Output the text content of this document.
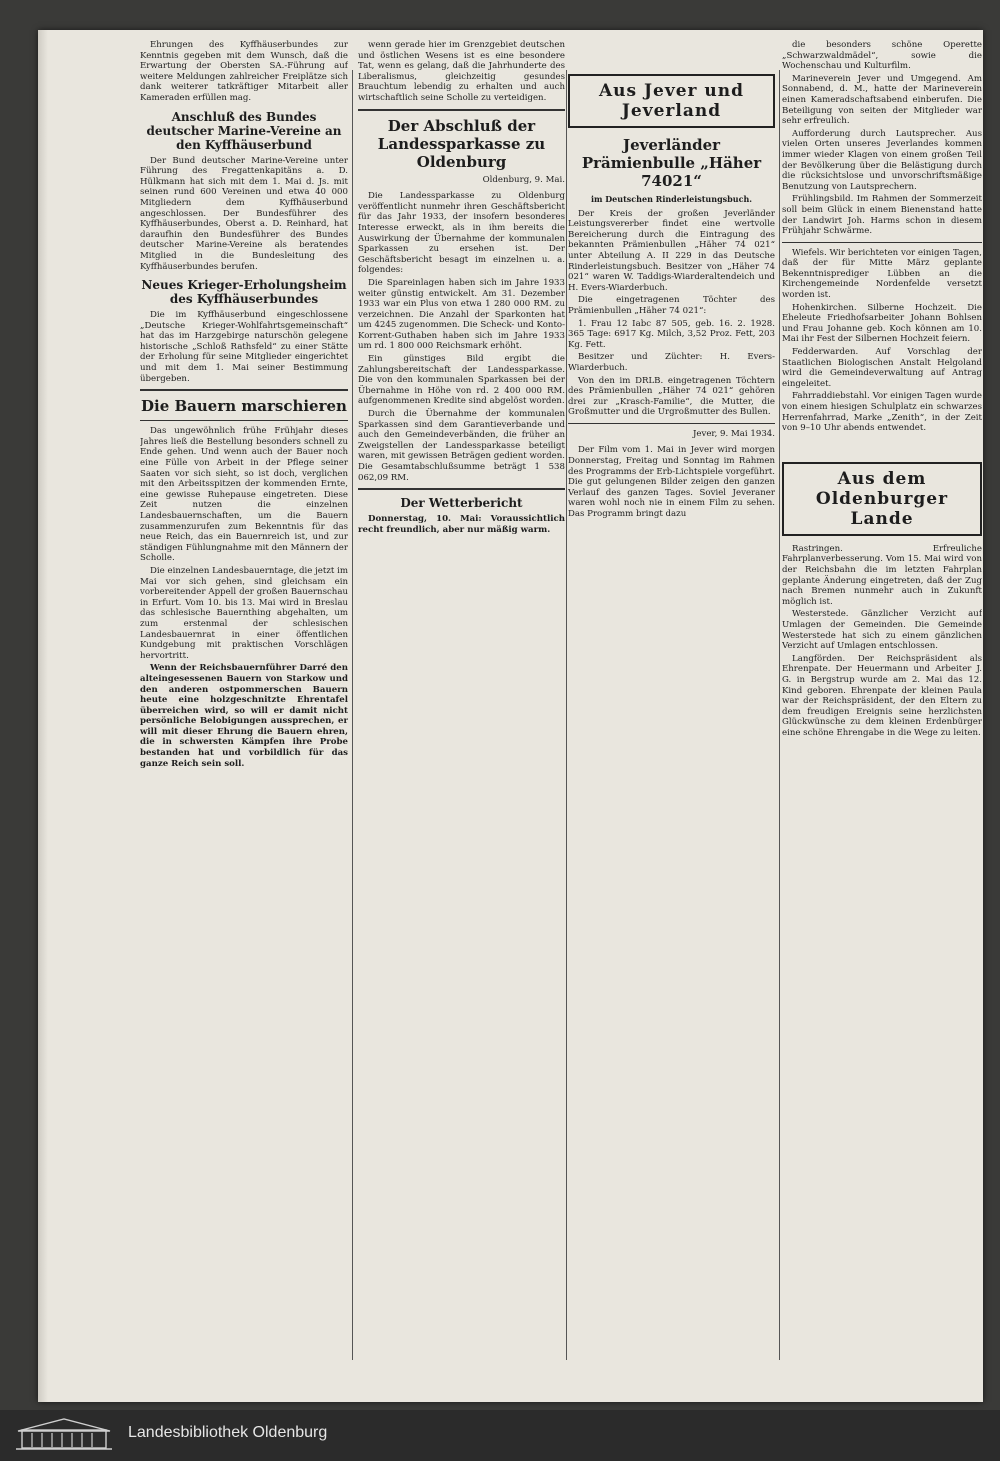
Ehrungen des Kyffhäuserbundes zur Kenntnis gegeben mit dem Wunsch, daß die Erwartung der Obersten SA.-Führung auf weitere Meldungen zahlreicher Freiplätze sich dank weiterer tatkräftiger Mitarbeit aller Kameraden erfüllen mag.

Anschluß des Bundes deutscher Marine-Vereine an den Kyffhäuserbund

Der Bund deutscher Marine-Vereine unter Führung des Fregattenkapitäns a. D. Hülkmann hat sich mit dem 1. Mai d. Js. mit seinen rund 600 Vereinen und etwa 40 000 Mitgliedern dem Kyffhäuserbund angeschlossen. Der Bundesführer des Kyffhäuserbundes, Oberst a. D. Reinhard, hat daraufhin den Bundesführer des Bundes deutscher Marine-Vereine als beratendes Mitglied in die Bundesleitung des Kyffhäuserbundes berufen.

Neues Krieger-Erholungsheim des Kyffhäuserbundes

Die im Kyffhäuserbund eingeschlossene „Deutsche Krieger-Wohlfahrtsgemeinschaft“ hat das im Harzgebirge naturschön gelegene historische „Schloß Rathsfeld“ zu einer Stätte der Erholung für seine Mitglieder eingerichtet und mit dem 1. Mai seiner Bestimmung übergeben.

Die Bauern marschieren

Das ungewöhnlich frühe Frühjahr dieses Jahres ließ die Bestellung besonders schnell zu Ende gehen. Und wenn auch der Bauer noch eine Fülle von Arbeit in der Pflege seiner Saaten vor sich sieht, so ist doch, verglichen mit den Arbeitsspitzen der kommenden Ernte, eine gewisse Ruhepause eingetreten. Diese Zeit nutzen die einzelnen Landesbauernschaften, um die Bauern zusammenzurufen zum Bekenntnis für das neue Reich, das ein Bauernreich ist, und zur ständigen Fühlungnahme mit den Männern der Scholle.

Die einzelnen Landesbauerntage, die jetzt im Mai vor sich gehen, sind gleichsam ein vorbereitender Appell der großen Bauernschau in Erfurt. Vom 10. bis 13. Mai wird in Breslau das schlesische Bauernthing abgehalten, um zum erstenmal der schlesischen Landesbauernrat in einer öffentlichen Kundgebung mit praktischen Vorschlägen hervortritt.

Wenn der Reichsbauernführer Darré den alteingesessenen Bauern von Starkow und den anderen ostpommerschen Bauern heute eine holzgeschnitzte Ehrentafel überreichen wird, so will er damit nicht persönliche Belobigungen aussprechen, er will mit dieser Ehrung die Bauern ehren, die in schwersten Kämpfen ihre Probe bestanden hat und vorbildlich für das ganze Reich sein soll.

wenn gerade hier im Grenzgebiet deutschen und östlichen Wesens ist es eine besondere Tat, wenn es gelang, daß die Jahrhunderte des Liberalismus, gleichzeitig gesundes Brauchtum lebendig zu erhalten und auch wirtschaftlich seine Scholle zu verteidigen.

Der Abschluß der Landessparkasse zu Oldenburg
Oldenburg, 9. Mai.

Die Landessparkasse zu Oldenburg veröffentlicht nunmehr ihren Geschäftsbericht für das Jahr 1933, der insofern besonderes Interesse erweckt, als in ihm bereits die Auswirkung der Übernahme der kommunalen Sparkassen zu ersehen ist. Der Geschäftsbericht besagt im einzelnen u. a. folgendes:

Die Spareinlagen haben sich im Jahre 1933 weiter günstig entwickelt. Am 31. Dezember 1933 war ein Plus von etwa 1 280 000 RM. zu verzeichnen. Die Anzahl der Sparkonten hat um 4245 zugenommen. Die Scheck- und Konto-Korrent-Guthaben haben sich im Jahre 1933 um rd. 1 800 000 Reichsmark erhöht.

Ein günstiges Bild ergibt die Zahlungsbereitschaft der Landessparkasse. Die von den kommunalen Sparkassen bei der Übernahme in Höhe von rd. 2 400 000 RM. aufgenommenen Kredite sind abgelöst worden.

Durch die Übernahme der kommunalen Sparkassen sind dem Garantieverbande und auch den Gemeindeverbänden, die früher an Zweigstellen der Landessparkasse beteiligt waren, mit gewissen Beträgen gedient worden. Die Gesamtabschlußsumme beträgt 1 538 062,09 RM.

Der Wetterbericht

Donnerstag, 10. Mai: Voraussichtlich recht freundlich, aber nur mäßig warm.

Aus Jever und Jeverland
Jeverländer Prämienbulle „Häher 74021“
im Deutschen Rinderleistungsbuch.

Der Kreis der großen Jeverländer Leistungsvererber findet eine wertvolle Bereicherung durch die Eintragung des bekannten Prämienbullen „Häher 74 021“ unter Abteilung A. II 229 in das Deutsche Rinderleistungsbuch. Besitzer von „Häher 74 021“ waren W. Taddigs-Wiarderaltendeich und H. Evers-Wiarderbuch.

Die eingetragenen Töchter des Prämienbullen „Häher 74 021“:

1. Frau 12 Iabc 87 505, geb. 16. 2. 1928. 365 Tage: 6917 Kg. Milch, 3,52 Proz. Fett, 203 Kg. Fett.

Besitzer und Züchter: H. Evers-Wiarderbuch.

Von den im DRLB. eingetragenen Töchtern des Prämienbullen „Häher 74 021“ gehören drei zur „Krasch-Familie“, die Mutter, die Großmutter und die Urgroßmutter des Bullen.

Jever, 9. Mai 1934.

Der Film vom 1. Mai in Jever wird morgen Donnerstag, Freitag und Sonntag im Rahmen des Programms der Erb-Lichtspiele vorgeführt. Die gut gelungenen Bilder zeigen den ganzen Verlauf des ganzen Tages. Soviel Jeveraner waren wohl noch nie in einem Film zu sehen. Das Programm bringt dazu

die besonders schöne Operette „Schwarzwaldmädel“, sowie die Wochenschau und Kulturfilm.

Marineverein Jever und Umgegend. Am Sonnabend, d. M., hatte der Marineverein einen Kameradschaftsabend einberufen. Die Beteiligung von seiten der Mitglieder war sehr erfreulich.

Aufforderung durch Lautsprecher. Aus vielen Orten unseres Jeverlandes kommen immer wieder Klagen von einem großen Teil der Bevölkerung über die Belästigung durch die rücksichtslose und unvorschriftsmäßige Benutzung von Lautsprechern.

Frühlingsbild. Im Rahmen der Sommerzeit soll beim Glück in einem Bienenstand hatte der Landwirt Joh. Harms schon in diesem Frühjahr Schwärme.

Wiefels. Wir berichteten vor einigen Tagen, daß der für Mitte März geplante Bekenntnisprediger Lübben an die Kirchengemeinde Nordenfelde versetzt worden ist.

Hohenkirchen. Silberne Hochzeit. Die Eheleute Friedhofsarbeiter Johann Bohlsen und Frau Johanne geb. Koch können am 10. Mai ihr Fest der Silbernen Hochzeit feiern.

Fedderwarden. Auf Vorschlag der Staatlichen Biologischen Anstalt Helgoland wird die Gemeindeverwaltung auf Antrag eingeleitet.

Fahrraddiebstahl. Vor einigen Tagen wurde von einem hiesigen Schulplatz ein schwarzes Herrenfahrrad, Marke „Zenith“, in der Zeit von 9–10 Uhr abends entwendet.

Aus dem Oldenburger Lande

Rastringen. Erfreuliche Fahrplanverbesserung. Vom 15. Mai wird von der Reichsbahn die im letzten Fahrplan geplante Änderung eingetreten, daß der Zug nach Bremen nunmehr auch in Zukunft möglich ist.

Westerstede. Gänzlicher Verzicht auf Umlagen der Gemeinden. Die Gemeinde Westerstede hat sich zu einem gänzlichen Verzicht auf Umlagen entschlossen.

Langförden. Der Reichspräsident als Ehrenpate. Der Heuermann und Arbeiter J. G. in Bergstrup wurde am 2. Mai das 12. Kind geboren. Ehrenpate der kleinen Paula war der Reichspräsident, der den Eltern zu dem freudigen Ereignis seine herzlichsten Glückwünsche zu dem kleinen Erdenbürger eine schöne Ehrengabe in die Wege zu leiten.

Landesbibliothek Oldenburg
